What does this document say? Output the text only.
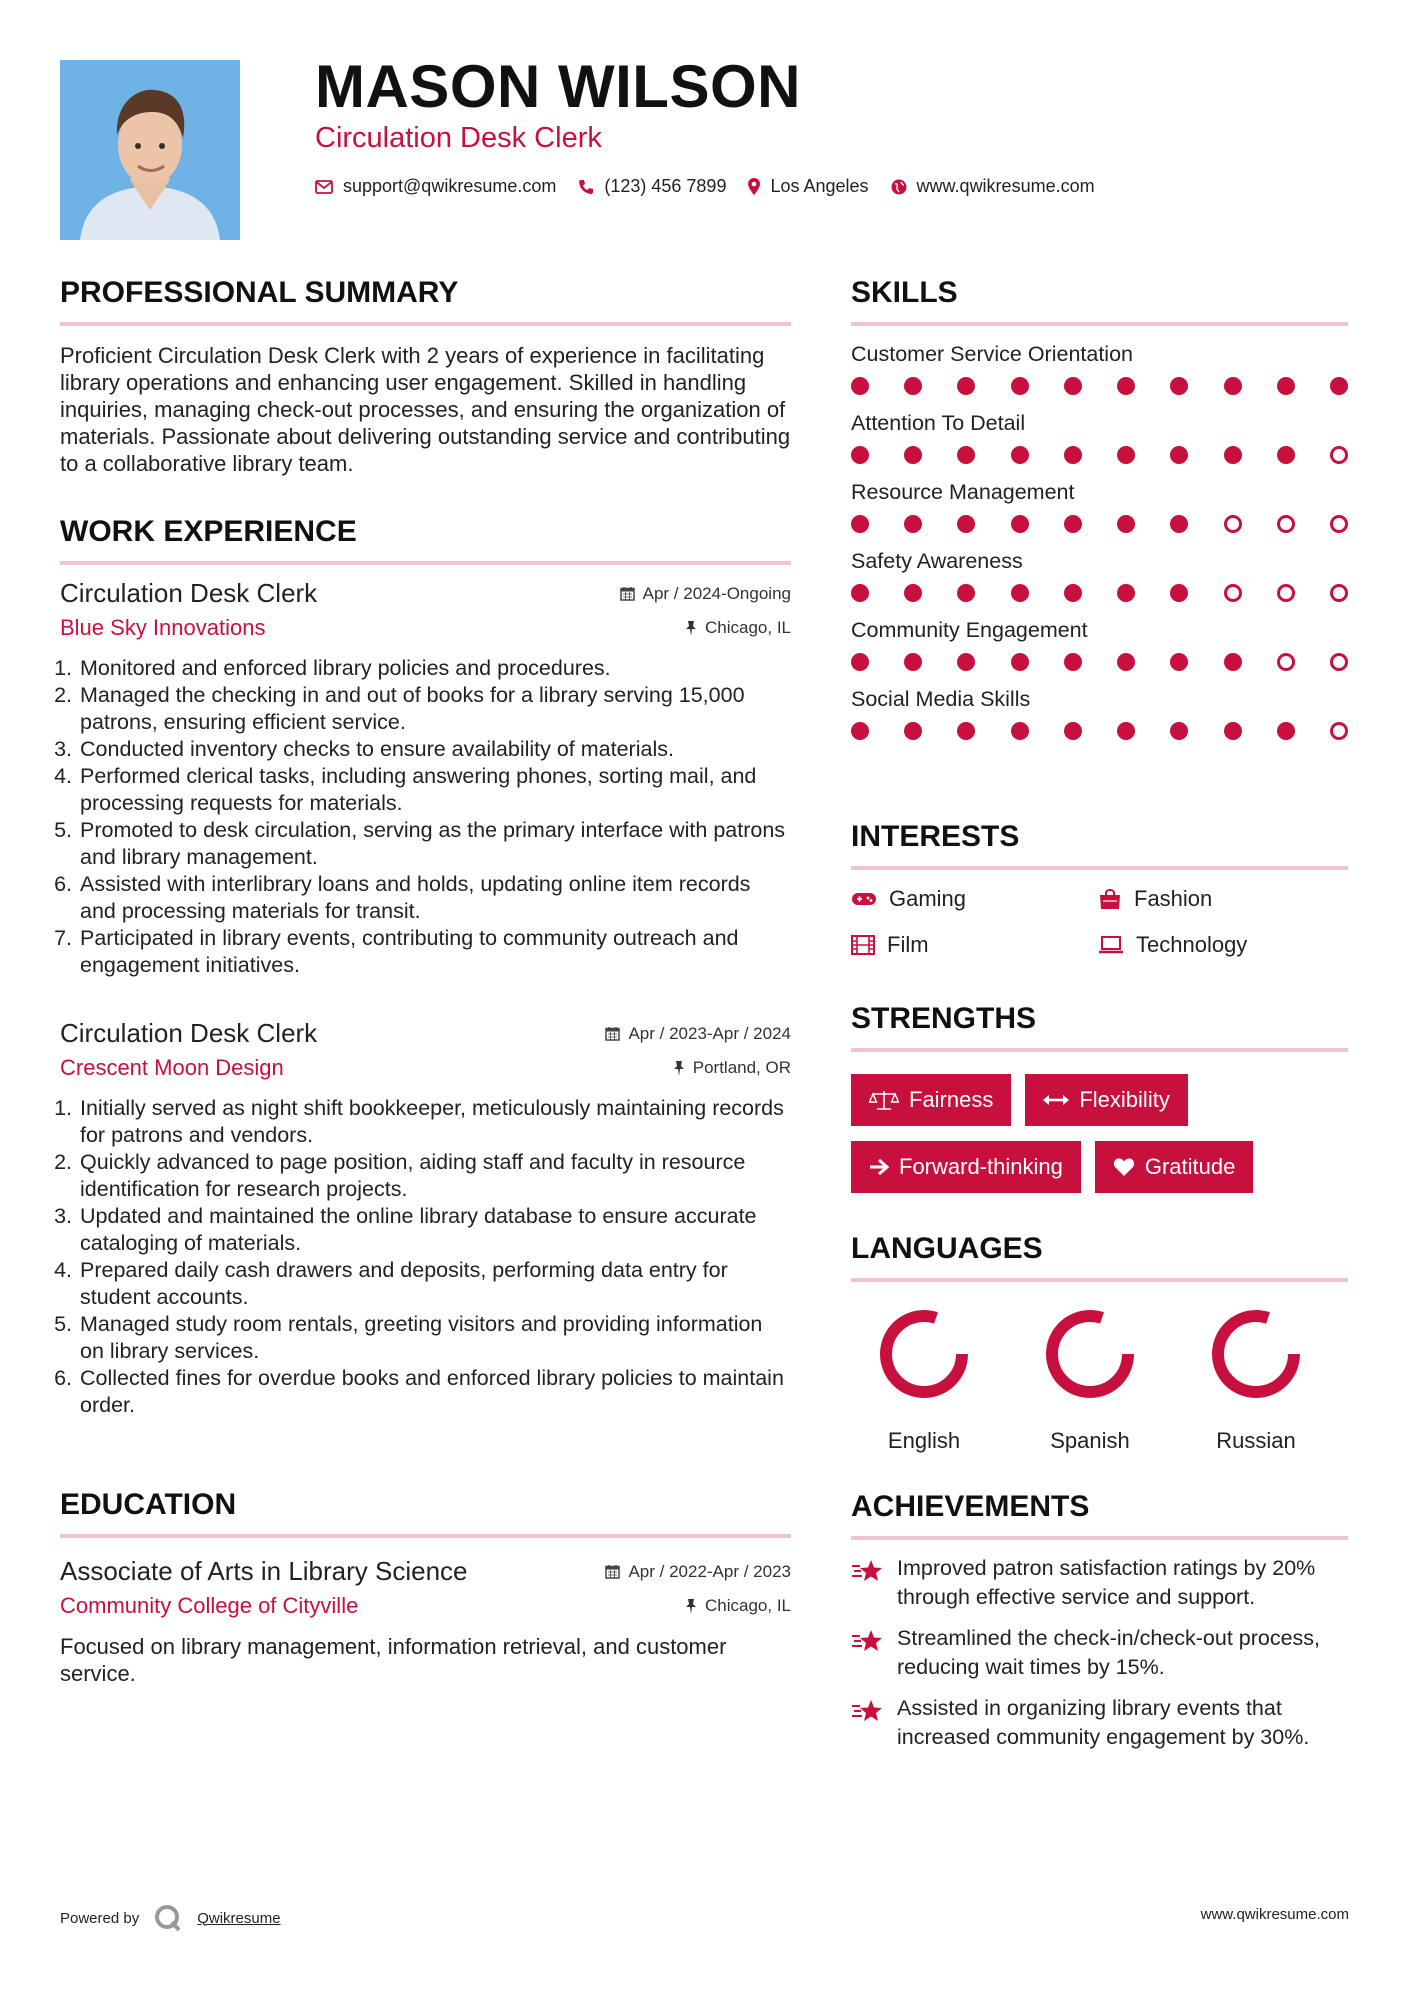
MASON WILSON
Circulation Desk Clerk
support@qwikresume.com	(123) 456 7899 Los Angeles	www.qwikresume.com
PROFESSIONAL SUMMARY
Proficient Circulation Desk Clerk with 2 years of experience in facilitating library operations and enhancing user engagement. Skilled in handling inquiries, managing check-out processes, and ensuring the organization of materials. Passionate about delivering outstanding service and contributing to a collaborative library team.
WORK EXPERIENCE
Circulation Desk Clerk	Apr / 2024-Ongoing
Blue Sky Innovations	Chicago, IL
1. Monitored and enforced library policies and procedures.
2. Managed the checking in and out of books for a library serving 15,000 patrons, ensuring efficient service.
3. Conducted inventory checks to ensure availability of materials.
4. Performed clerical tasks, including answering phones, sorting mail, and processing requests for materials.
5. Promoted to desk circulation, serving as the primary interface with patrons and library management.
6. Assisted with interlibrary loans and holds, updating online item records and processing materials for transit.
7. Participated in library events, contributing to community outreach and engagement initiatives.
Circulation Desk Clerk	Apr / 2023-Apr / 2024
Crescent Moon Design	Portland, OR
1. Initially served as night shift bookkeeper, meticulously maintaining records for patrons and vendors.
2. Quickly advanced to page position, aiding staff and faculty in resource identification for research projects.
3. Updated and maintained the online library database to ensure accurate cataloging of materials.
4. Prepared daily cash drawers and deposits, performing data entry for student accounts.
5. Managed study room rentals, greeting visitors and providing information on library services.
6. Collected fines for overdue books and enforced library policies to maintain order.
EDUCATION
Associate of Arts in Library Science	Apr / 2022-Apr / 2023
Community College of Cityville	Chicago, IL
Focused on library management, information retrieval, and customer service.
SKILLS
Customer Service Orientation
Attention To Detail
Resource Management
Safety Awareness
Community Engagement
Social Media Skills
INTERESTS
Gaming	Fashion
Film	Technology
STRENGTHS
Fairness	Flexibility
Forward-thinking	Gratitude
LANGUAGES
English	Spanish	Russian
ACHIEVEMENTS
Improved patron satisfaction ratings by 20% through effective service and support.
Streamlined the check-in/check-out process, reducing wait times by 15%.
Assisted in organizing library events that increased community engagement by 30%.
Powered by	Qwikresume	www.qwikresume.com
